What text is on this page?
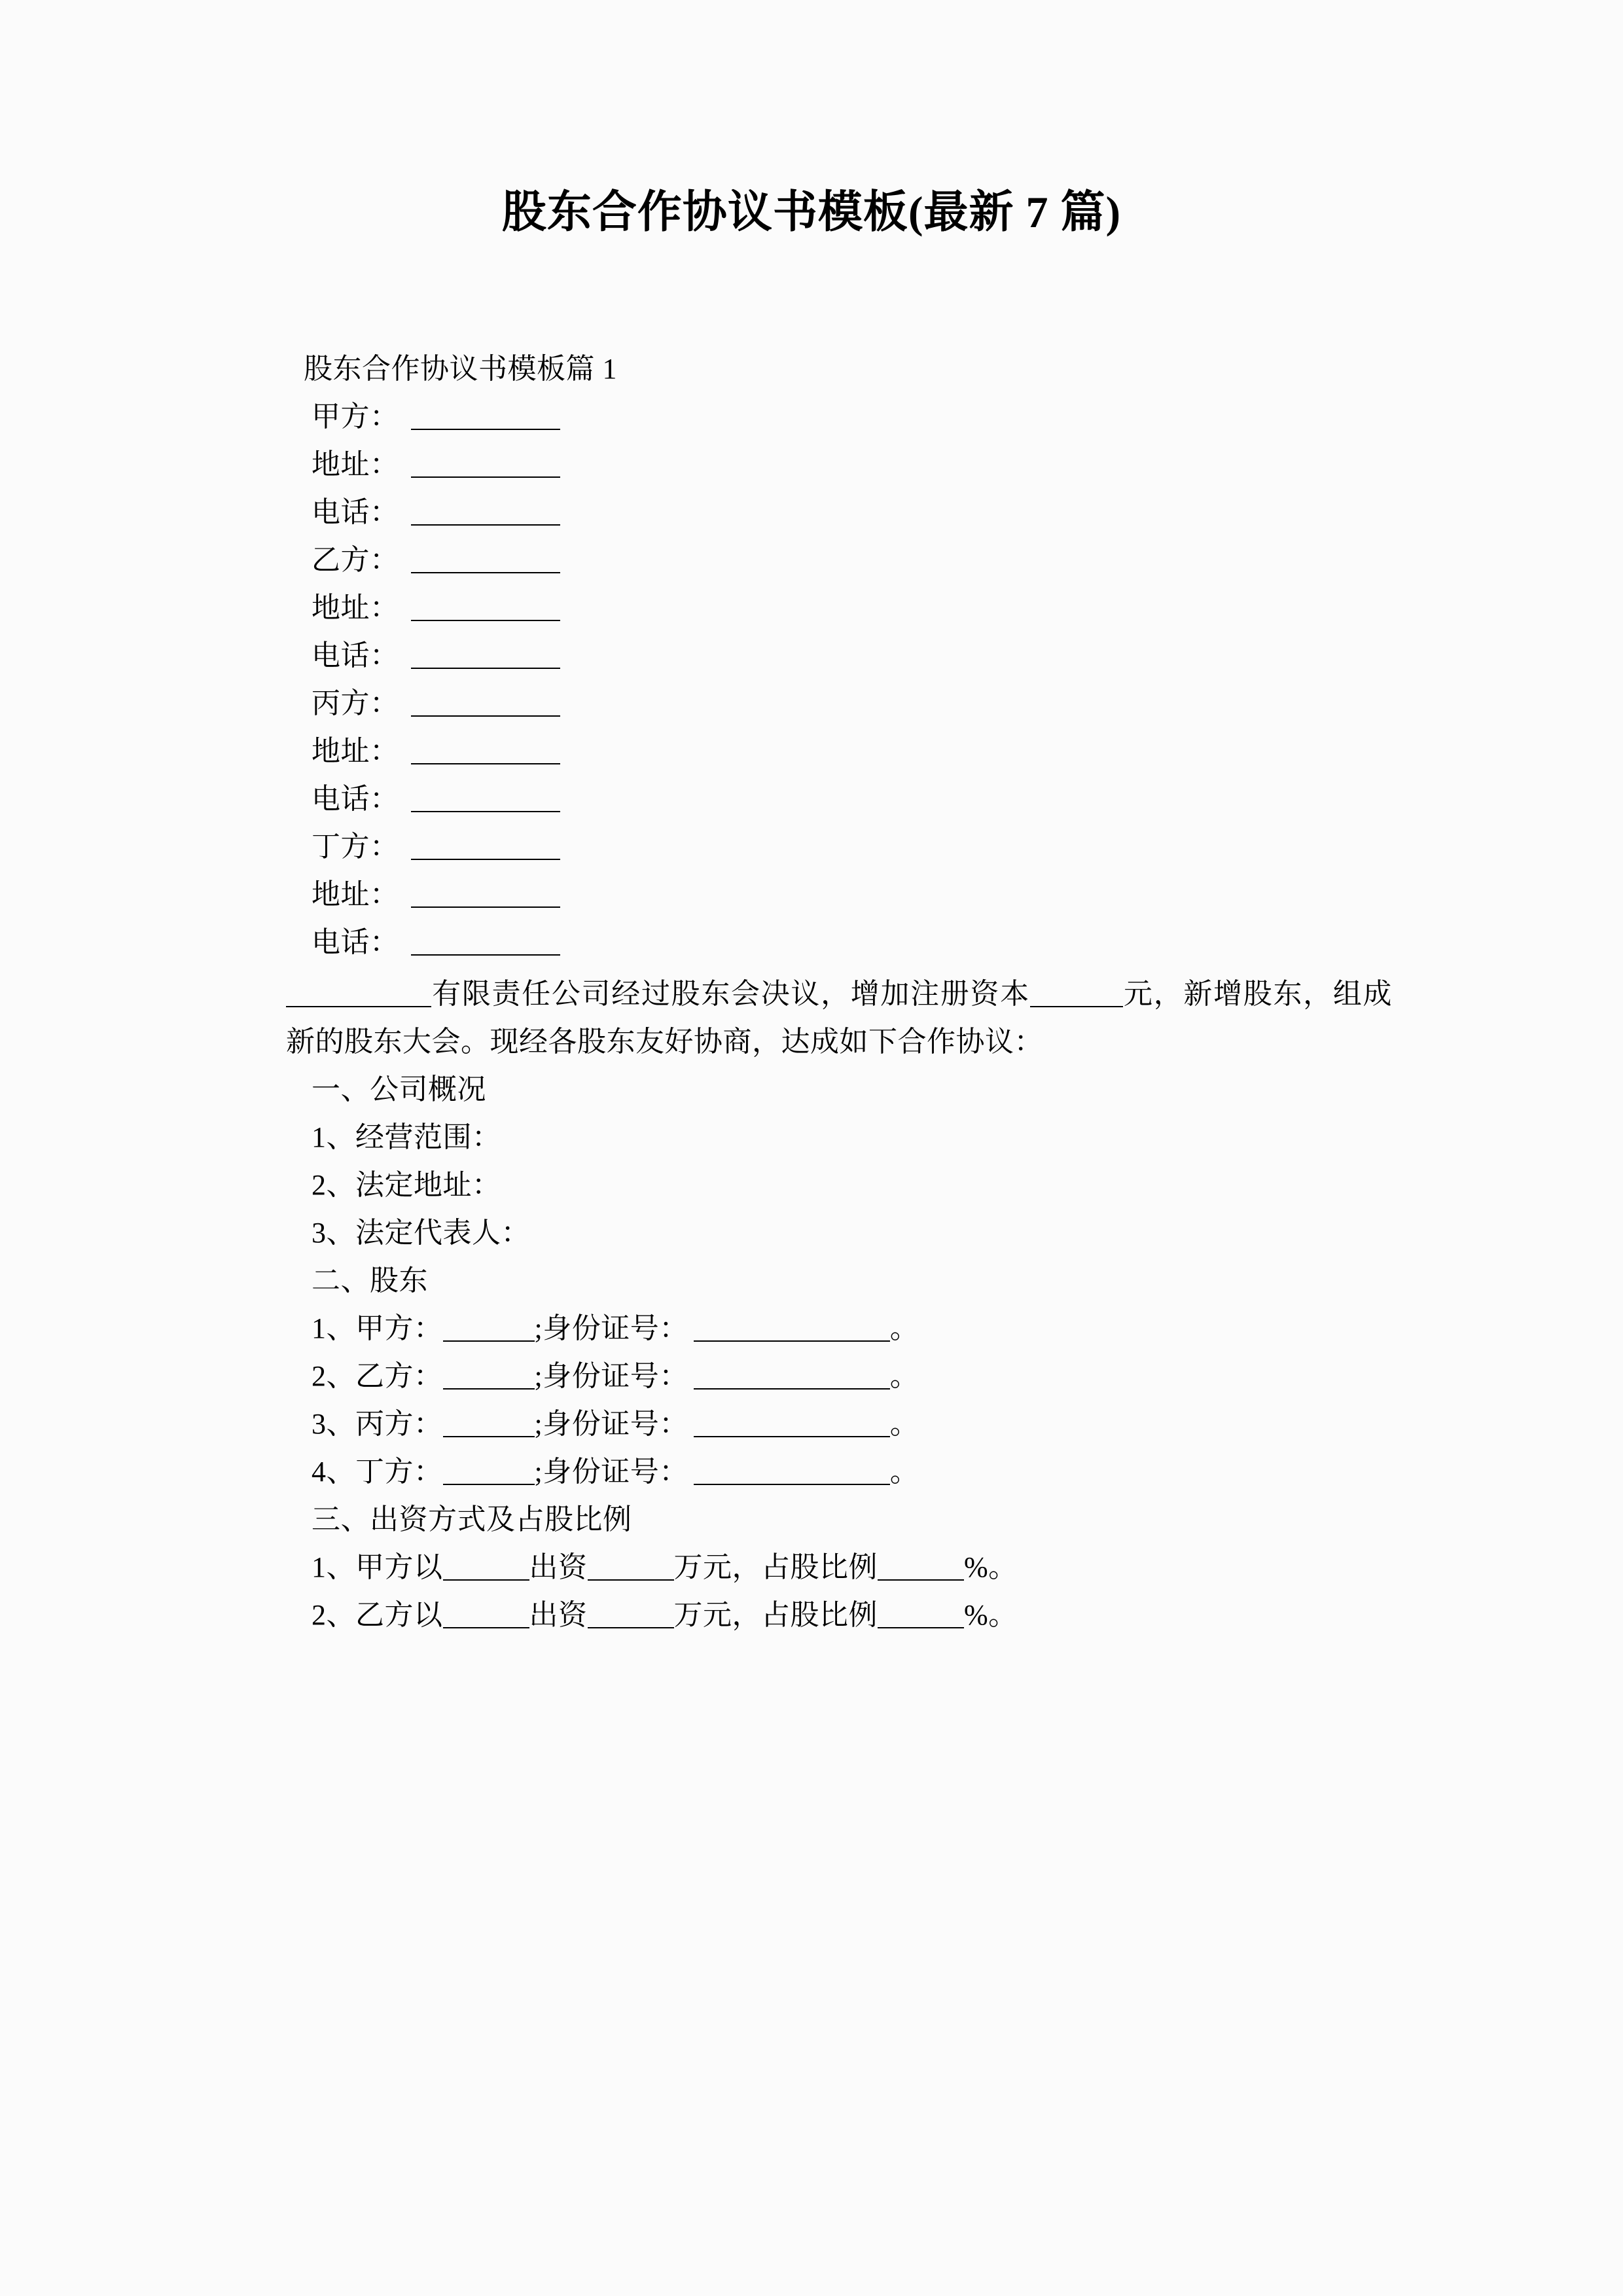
股东合作协议书模板(最新 7 篇)
股东合作协议书模板篇 1
甲方：
地址：
电话：
乙方：
地址：
电话：
丙方：
地址：
电话：
丁方：
地址：
电话：
有限责任公司经过股东会决议，增加注册资本	元，新增股东，组成新的股东大会。现经各股东友好协商，达成如下合作协议：
一、公司概况
1、经营范围：
2、法定地址：
3、法定代表人：
二、股东
1、甲方：	;身份证号：	。
2、乙方：	;身份证号：	。
3、丙方：	;身份证号：	。
4、丁方：	;身份证号：	。
三、出资方式及占股比例
1、甲方以	出资	万元，占股比例	%。
2、乙方以	出资	万元，占股比例	%。
